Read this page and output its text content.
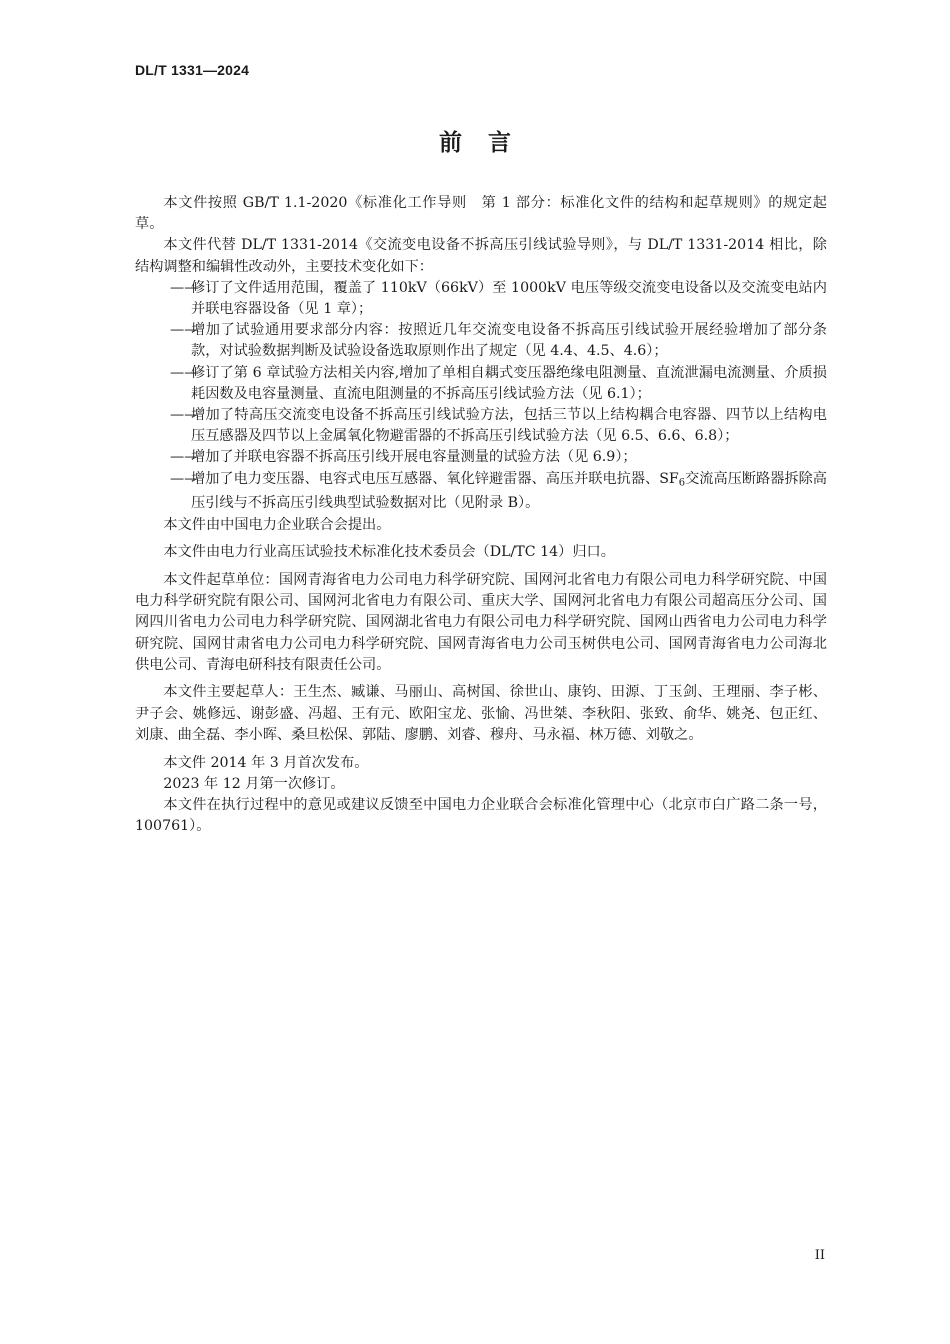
DL/T 1331—2024
前言

本文件按照 GB/T 1.1-2020《标准化工作导则　第 1 部分：标准化文件的结构和起草规则》的规定起草。

本文件代替 DL/T 1331-2014《交流变电设备不拆高压引线试验导则》，与 DL/T 1331-2014 相比，除结构调整和编辑性改动外，主要技术变化如下：

——
修订了文件适用范围，覆盖了 110kV（66kV）至 1000kV 电压等级交流变电设备以及交流变电站内并联电容器设备（见 1 章）；

——
增加了试验通用要求部分内容：按照近几年交流变电设备不拆高压引线试验开展经验增加了部分条款，对试验数据判断及试验设备选取原则作出了规定（见 4.4、4.5、4.6）；

——
修订了第 6 章试验方法相关内容,增加了单相自耦式变压器绝缘电阻测量、直流泄漏电流测量、介质损耗因数及电容量测量、直流电阻测量的不拆高压引线试验方法（见 6.1）；

——
增加了特高压交流变电设备不拆高压引线试验方法，包括三节以上结构耦合电容器、四节以上结构电压互感器及四节以上金属氧化物避雷器的不拆高压引线试验方法（见 6.5、6.6、6.8）；

——
增加了并联电容器不拆高压引线开展电容量测量的试验方法（见 6.9）；

——
增加了电力变压器、电容式电压互感器、氧化锌避雷器、高压并联电抗器、$SF_6$交流高压断路器拆除高压引线与不拆高压引线典型试验数据对比（见附录 B）。

本文件由中国电力企业联合会提出。

本文件由电力行业高压试验技术标准化技术委员会（DL/TC 14）归口。

本文件起草单位：国网青海省电力公司电力科学研究院、国网河北省电力有限公司电力科学研究院、中国电力科学研究院有限公司、国网河北省电力有限公司、重庆大学、国网河北省电力有限公司超高压分公司、国网四川省电力公司电力科学研究院、国网湖北省电力有限公司电力科学研究院、国网山西省电力公司电力科学研究院、国网甘肃省电力公司电力科学研究院、国网青海省电力公司玉树供电公司、国网青海省电力公司海北供电公司、青海电研科技有限责任公司。

本文件主要起草人：王生杰、臧谦、马丽山、高树国、徐世山、康钧、田源、丁玉剑、王理丽、李子彬、尹子会、姚修远、谢彭盛、冯超、王有元、欧阳宝龙、张愉、冯世桀、李秋阳、张致、俞华、姚尧、包正红、刘康、曲全磊、李小晖、桑旦松保、郭陆、廖鹏、刘睿、穆舟、马永福、林万德、刘敬之。

本文件 2014 年 3 月首次发布。

2023 年 12 月第一次修订。

本文件在执行过程中的意见或建议反馈至中国电力企业联合会标准化管理中心（北京市白广路二条一号，100761）。

II
